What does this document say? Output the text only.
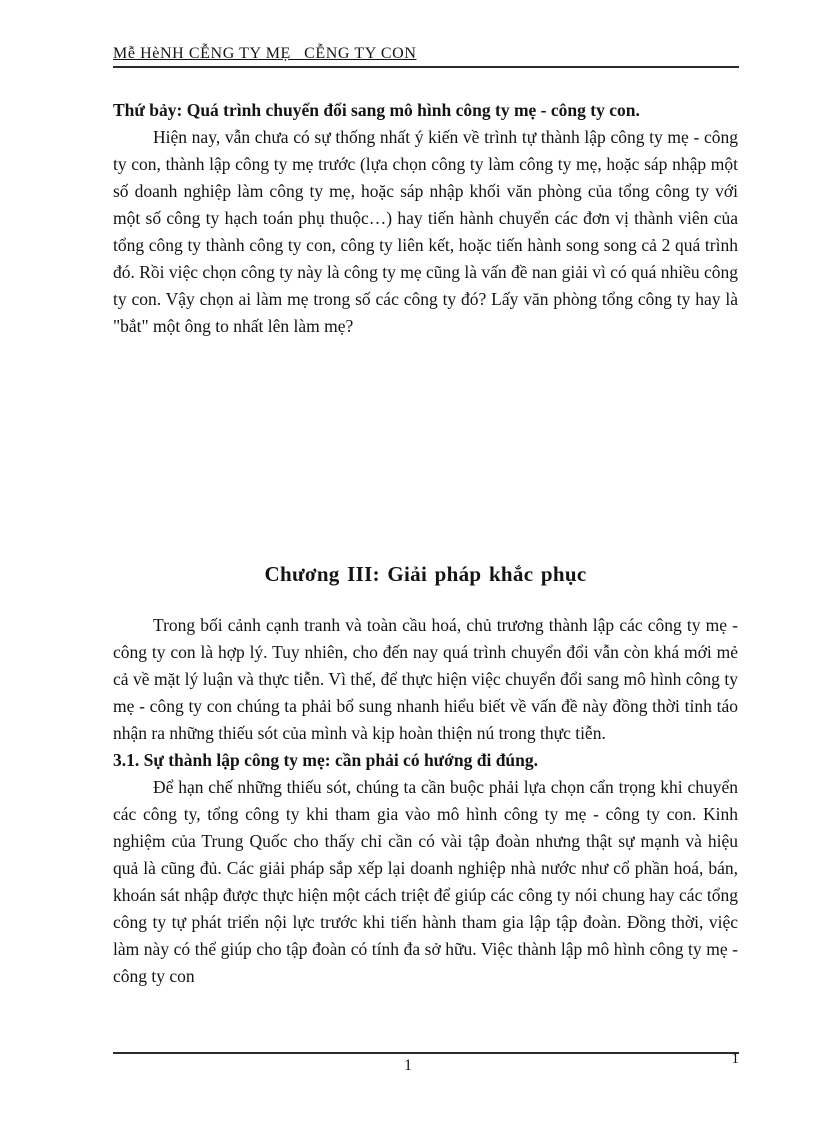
Mễ HèNH CỄNG TY MẸ_ CỄNG TY CON

Thứ bảy: Quá trình chuyển đổi sang mô hình công ty mẹ - công ty con.

Hiện nay, vẫn chưa có sự thống nhất ý kiến về trình tự thành lập công ty mẹ - công ty con, thành lập công ty mẹ trước (lựa chọn công ty làm công ty mẹ, hoặc sáp nhập một số doanh nghiệp làm công ty mẹ, hoặc sáp nhập khối văn phòng của tổng công ty với một số công ty hạch toán phụ thuộc…) hay tiến hành chuyển các đơn vị thành viên của tổng công ty thành công ty con, công ty liên kết, hoặc tiến hành song song cả 2 quá trình đó. Rồi việc chọn công ty này là công ty mẹ cũng là vấn đề nan giải vì có quá nhiều công ty con. Vậy chọn ai làm mẹ trong số các công ty đó? Lấy văn phòng tổng công ty hay là "bắt" một ông to nhất lên làm mẹ?

Chương III: Giải pháp khắc phục

Trong bối cảnh cạnh tranh và toàn cầu hoá, chủ trương thành lập các công ty mẹ - công ty con là hợp lý. Tuy nhiên, cho đến nay quá trình chuyển đổi vẫn còn khá mới mẻ cả về mặt lý luận và thực tiễn. Vì thế, để thực hiện việc chuyển đổi sang mô hình công ty mẹ - công ty con chúng ta phải bổ sung nhanh hiểu biết về vấn đề này đồng thời tỉnh táo nhận ra những thiếu sót của mình và kịp hoàn thiện nú trong thực tiễn.

3.1. Sự thành lập công ty mẹ: cần phải có hướng đi đúng.

Để hạn chế những thiếu sót, chúng ta cần buộc phải lựa chọn cẩn trọng khi chuyển các công ty, tổng công ty khi tham gia vào mô hình công ty mẹ - công ty con. Kinh nghiệm của Trung Quốc cho thấy chỉ cần có vài tập đoàn nhưng thật sự mạnh và hiệu quả là cũng đủ. Các giải pháp sắp xếp lại doanh nghiệp nhà nước như cổ phần hoá, bán, khoán sát nhập được thực hiện một cách triệt để giúp các công ty nói chung hay các tổng công ty tự phát triển nội lực trước khi tiến hành tham gia lập tập đoàn. Đồng thời, việc làm này có thể giúp cho tập đoàn có tính đa sở hữu. Việc thành lập mô hình công ty mẹ - công ty con

1
1
